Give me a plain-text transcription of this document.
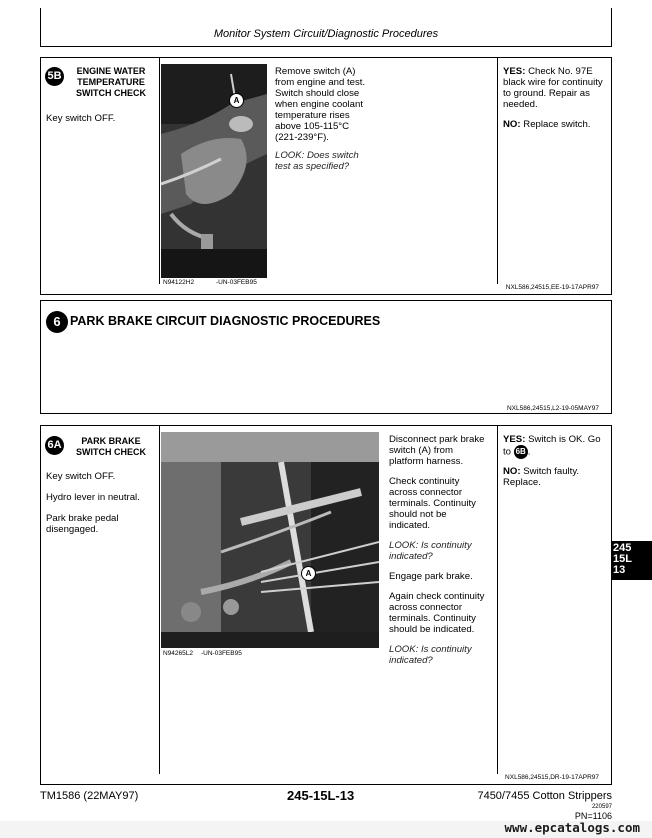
Monitor System Circuit/Diagnostic Procedures
5B	ENGINE WATER
TEMPERATURE
SWITCH CHECK
Key switch OFF.
A
N94122H2	-UN-03FEB95
Remove switch (A)
from engine and test.
Switch should close
when engine coolant
temperature rises
above 105-115°C
(221-239°F).
LOOK: Does switch
test as specified?
YES: Check No. 97E
black wire for continuity
to ground. Repair as
needed.
NO: Replace switch.
NXL586,24515,EE-19-17APR97
6 PARK BRAKE CIRCUIT DIAGNOSTIC PROCEDURES
NXL586,24515,L2-19-05MAY97
6A	PARK BRAKE
SWITCH CHECK
Key switch OFF.
Hydro lever in neutral.
Park brake pedal
disengaged.
A
N94265L2 -UN-03FEB95
Disconnect park brake
switch (A) from
platform harness.
Check continuity
across connector
terminals. Continuity
should not be
indicated.
LOOK: Is continuity
indicated?
Engage park brake.
Again check continuity
across connector
terminals. Continuity
should be indicated.
LOOK: Is continuity
indicated?
YES: Switch is OK. Go
to 6B .
NO: Switch faulty.
Replace.
NXL586,24515,DR-19-17APR97
245
15L
13
TM1586 (22MAY97)	245-15L-13	7450/7455 Cotton Strippers
220597
PN=1106
www.epcatalogs.com
